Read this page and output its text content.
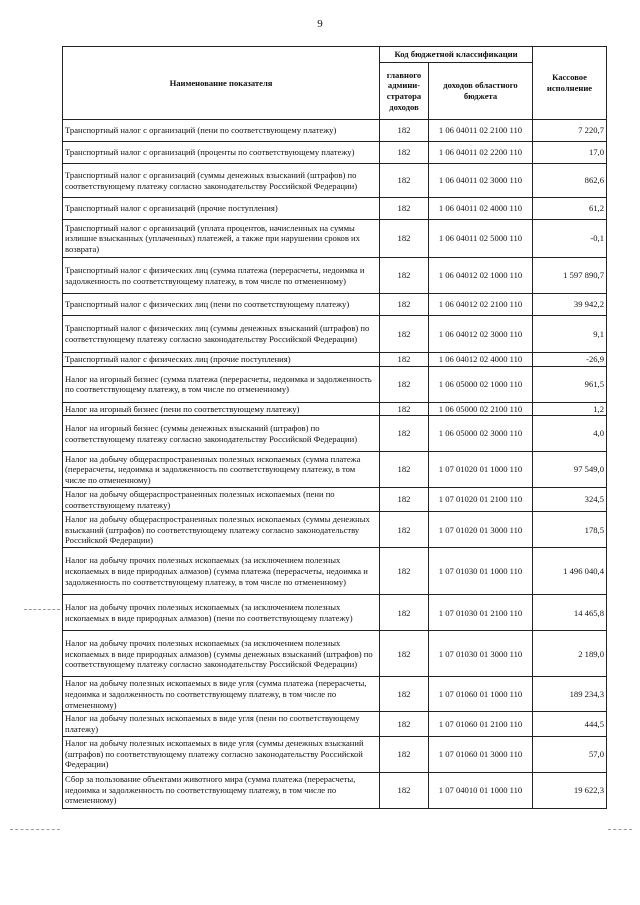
9
Наименование показателя	Код бюджетной классификации		Кассовое исполнение
	главного админи-стратора доходов	доходов областного бюджета	
Транспортный налог с организаций (пени по соответствующему платежу)	182	1 06 04011 02 2100 110	7 220,7
Транспортный налог с организаций (проценты по соответствующему платежу)	182	1 06 04011 02 2200 110	17,0
Транспортный налог с организаций (суммы денежных взысканий (штрафов) по соответствующему платежу согласно законодательству Российской Федерации)	182	1 06 04011 02 3000 110	862,6
Транспортный налог с организаций (прочие поступления)	182	1 06 04011 02 4000 110	61,2
Транспортный налог с организаций (уплата процентов, начисленных на суммы излишне взысканных (уплаченных) платежей, а также при нарушении сроков их возврата)	182	1 06 04011 02 5000 110	-0,1
Транспортный налог с физических лиц (сумма платежа (перерасчеты, недоимка и задолженность по соответствующему платежу, в том числе по отмененному)	182	1 06 04012 02 1000 110	1 597 890,7
Транспортный налог с физических лиц (пени по соответствующему платежу)	182	1 06 04012 02 2100 110	39 942,2
Транспортный налог с физических лиц (суммы денежных взысканий (штрафов) по соответствующему платежу согласно законодательству Российской Федерации)	182	1 06 04012 02 3000 110	9,1
Транспортный налог с физических лиц (прочие поступления)	182	1 06 04012 02 4000 110	-26,9
Налог на игорный бизнес (сумма платежа (перерасчеты, недоимка и задолженность по соответствующему платежу, в том числе по отмененному)	182	1 06 05000 02 1000 110	961,5
Налог на игорный бизнес (пени по соответствующему платежу)	182	1 06 05000 02 2100 110	1,2
Налог на игорный бизнес (суммы денежных взысканий (штрафов) по соответствующему платежу согласно законодательству Российской Федерации)	182	1 06 05000 02 3000 110	4,0
Налог на добычу общераспространенных полезных ископаемых (сумма платежа (перерасчеты, недоимка и задолженность по соответствующему платежу, в том числе по отмененному)	182	1 07 01020 01 1000 110	97 549,0
Налог на добычу общераспространенных полезных ископаемых (пени по соответствующему платежу)	182	1 07 01020 01 2100 110	324,5
Налог на добычу общераспространенных полезных ископаемых (суммы денежных взысканий (штрафов) по соответствующему платежу согласно законодательству Российской Федерации)	182	1 07 01020 01 3000 110	178,5
Налог на добычу прочих полезных ископаемых (за исключением полезных ископаемых в виде природных алмазов) (сумма платежа (перерасчеты, недоимка и задолженность по соответствующему платежу, в том числе по отмененному)	182	1 07 01030 01 1000 110	1 496 040,4
Налог на добычу прочих полезных ископаемых (за исключением полезных ископаемых в виде природных алмазов) (пени по соответствующему платежу)	182	1 07 01030 01 2100 110	14 465,8
Налог на добычу прочих полезных ископаемых (за исключением полезных ископаемых в виде природных алмазов) (суммы денежных взысканий (штрафов) по соответствующему платежу согласно законодательству Российской Федерации)	182	1 07 01030 01 3000 110	2 189,0
Налог на добычу полезных ископаемых в виде угля (сумма платежа (перерасчеты, недоимка и задолженность по соответствующему платежу, в том числе по отмененному)	182	1 07 01060 01 1000 110	189 234,3
Налог на добычу полезных ископаемых в виде угля (пени по соответствующему платежу)	182	1 07 01060 01 2100 110	444,5
Налог на добычу полезных ископаемых в виде угля (суммы денежных взысканий (штрафов) по соответствующему платежу согласно законодательству Российской Федерации)	182	1 07 01060 01 3000 110	57,0
Сбор за пользование объектами животного мира (сумма платежа (перерасчеты, недоимка и задолженность по соответствующему платежу, в том числе по отмененному)	182	1 07 04010 01 1000 110	19 622,3
